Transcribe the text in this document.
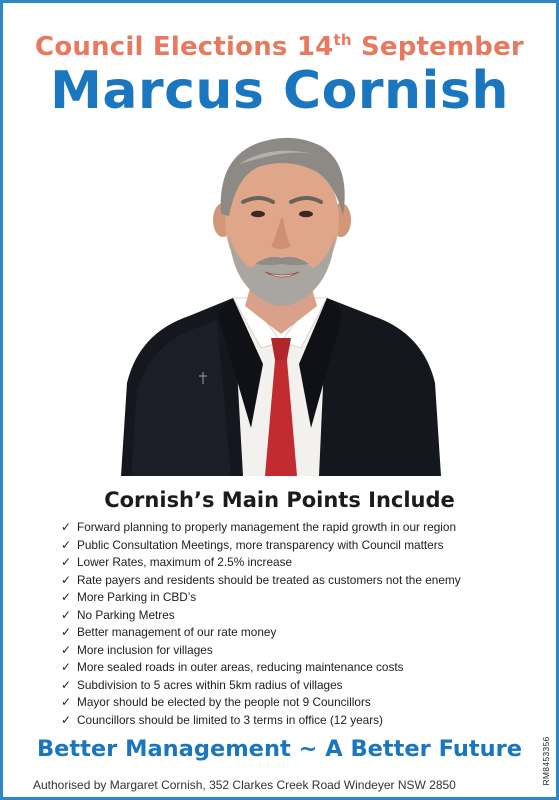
Council Elections 14th September
Marcus Cornish
Cornish’s Main Points Include
✓ Forward planning to properly management the rapid growth in our region
✓ Public Consultation Meetings, more transparency with Council matters
✓ Lower Rates, maximum of 2.5% increase
✓ Rate payers and residents should be treated as customers not the enemy
✓ More Parking in CBD’s
✓ No Parking Metres
✓ Better management of our rate money
✓ More inclusion for villages
✓ More sealed roads in outer areas, reducing maintenance costs
✓ Subdivision to 5 acres within 5km radius of villages
✓ Mayor should be elected by the people not 9 Councillors
✓ Councillors should be limited to 3 terms in office (12 years)
Better Management ~ A Better Future
Authorised by Margaret Cornish, 352 Clarkes Creek Road Windeyer NSW 2850	RM8453356
